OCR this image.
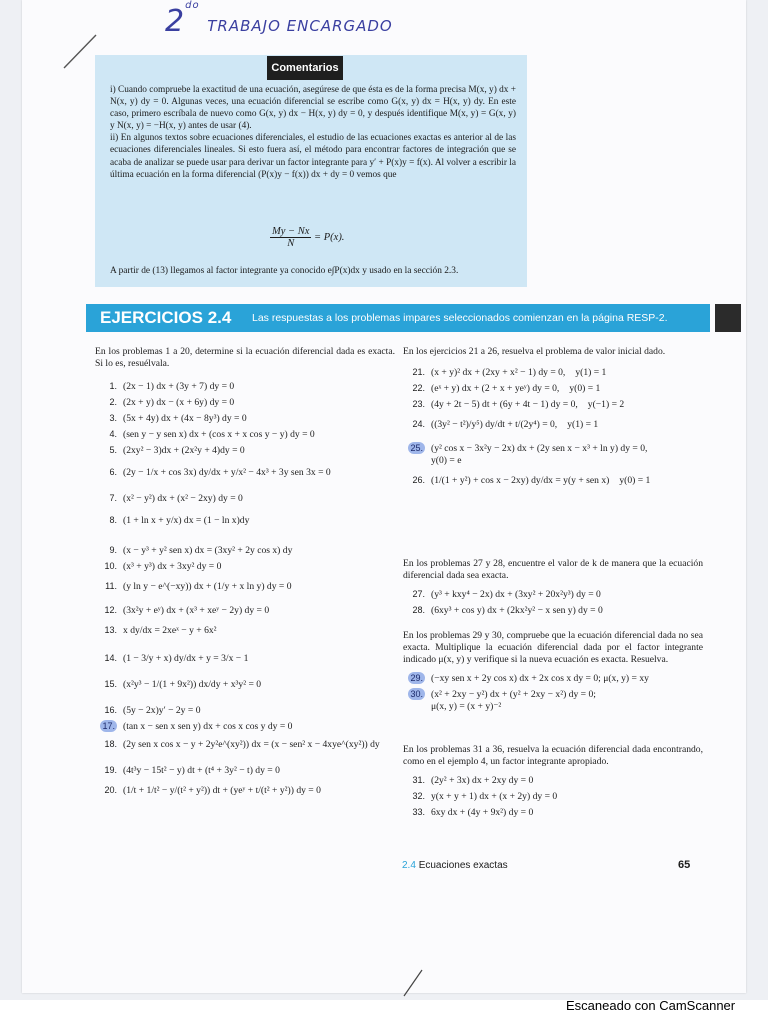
$2^{do}$ TRABAJO ENCARGADO
Comentarios

i) Cuando compruebe la exactitud de una ecuación, asegúrese de que ésta es de la forma precisa M(x, y) dx + N(x, y) dy = 0. Algunas veces, una ecuación diferencial se escribe como G(x, y) dx = H(x, y) dy. En este caso, primero escríbala de nuevo como G(x, y) dx − H(x, y) dy = 0, y después identifique M(x, y) = G(x, y) y N(x, y) = −H(x, y) antes de usar (4).

ii) En algunos textos sobre ecuaciones diferenciales, el estudio de las ecuaciones exactas es anterior al de las ecuaciones diferenciales lineales. Si esto fuera así, el método para encontrar factores de integración que se acaba de analizar se puede usar para derivar un factor integrante para y′ + P(x)y = f(x). Al volver a escribir la última ecuación en la forma diferencial (P(x)y − f(x)) dx + dy = 0 vemos que

$\frac{My - Nx}{N} = P(x)$.
A partir de (13) llegamos al factor integrante ya conocido e∫P(x)dx y usado en la sección 2.3.
EJERCICIOS 2.4 Las respuestas a los problemas impares seleccionados comienzan en la página RESP-2.

En los problemas 1 a 20, determine si la ecuación diferencial dada es exacta. Si lo es, resuélvala.

1. (2x − 1) dx + (3y + 7) dy = 0
2. (2x + y) dx − (x + 6y) dy = 0
3. (5x + 4y) dx + (4x − 8y³) dy = 0
4. (sen y − y sen x) dx + (cos x + x cos y − y) dy = 0
5. (2xy² − 3)dx + (2x²y + 4)dy = 0
6. (2y − 1/x + cos 3x) dy/dx + y/x² − 4x³ + 3y sen 3x = 0
7. (x² − y²) dx + (x² − 2xy) dy = 0
8. (1 + ln x + y/x) dx = (1 − ln x)dy
9. (x − y³ + y² sen x) dx = (3xy² + 2y cos x) dy
10. (x³ + y³) dx + 3xy² dy = 0
11. (y ln y − e^(−xy)) dx + (1/y + x ln y) dy = 0
12. (3x²y + eʸ) dx + (x³ + xeʸ − 2y) dy = 0
13. x dy/dx = 2xeˣ − y + 6x²
14. (1 − 3/y + x) dy/dx + y = 3/x − 1
15. (x²y³ − 1/(1 + 9x²)) dx/dy + x³y² = 0
16. (5y − 2x)y′ − 2y = 0
17. (tan x − sen x sen y) dx + cos x cos y dy = 0
18. (2y sen x cos x − y + 2y²e^(xy²)) dx = (x − sen² x − 4xye^(xy²)) dy
19. (4t³y − 15t² − y) dt + (t⁴ + 3y² − t) dy = 0
20. (1/t + 1/t² − y/(t² + y²)) dt + (yeʸ + t/(t² + y²)) dy = 0

En los ejercicios 21 a 26, resuelva el problema de valor inicial dado.

21. (x + y)² dx + (2xy + x² − 1) dy = 0, y(1) = 1
22. (eˣ + y) dx + (2 + x + yeʸ) dy = 0, y(0) = 1
23. (4y + 2t − 5) dt + (6y + 4t − 1) dy = 0, y(−1) = 2
24. ((3y² − t²)/y⁵) dy/dt + t/(2y⁴) = 0, y(1) = 1
25. (y² cos x − 3x²y − 2x) dx + (2y sen x − x³ + ln y) dy = 0,
y(0) = e
26. (1/(1 + y²) + cos x − 2xy) dy/dx = y(y + sen x) y(0) = 1

En los problemas 27 y 28, encuentre el valor de k de manera que la ecuación diferencial dada sea exacta.

27. (y³ + kxy⁴ − 2x) dx + (3xy² + 20x²y³) dy = 0
28. (6xy³ + cos y) dx + (2kx²y² − x sen y) dy = 0

En los problemas 29 y 30, compruebe que la ecuación diferencial dada no sea exacta. Multiplique la ecuación diferencial dada por el factor integrante indicado μ(x, y) y verifique si la nueva ecuación es exacta. Resuelva.

29. (−xy sen x + 2y cos x) dx + 2x cos x dy = 0; μ(x, y) = xy
30. (x² + 2xy − y²) dx + (y² + 2xy − x²) dy = 0;
μ(x, y) = (x + y)⁻²

En los problemas 31 a 36, resuelva la ecuación diferencial dada encontrando, como en el ejemplo 4, un factor integrante apropiado.

31. (2y² + 3x) dx + 2xy dy = 0
32. y(x + y + 1) dx + (x + 2y) dy = 0
33. 6xy dx + (4y + 9x²) dy = 0
2.4 Ecuaciones exactas	65
Escaneado con CamScanner
